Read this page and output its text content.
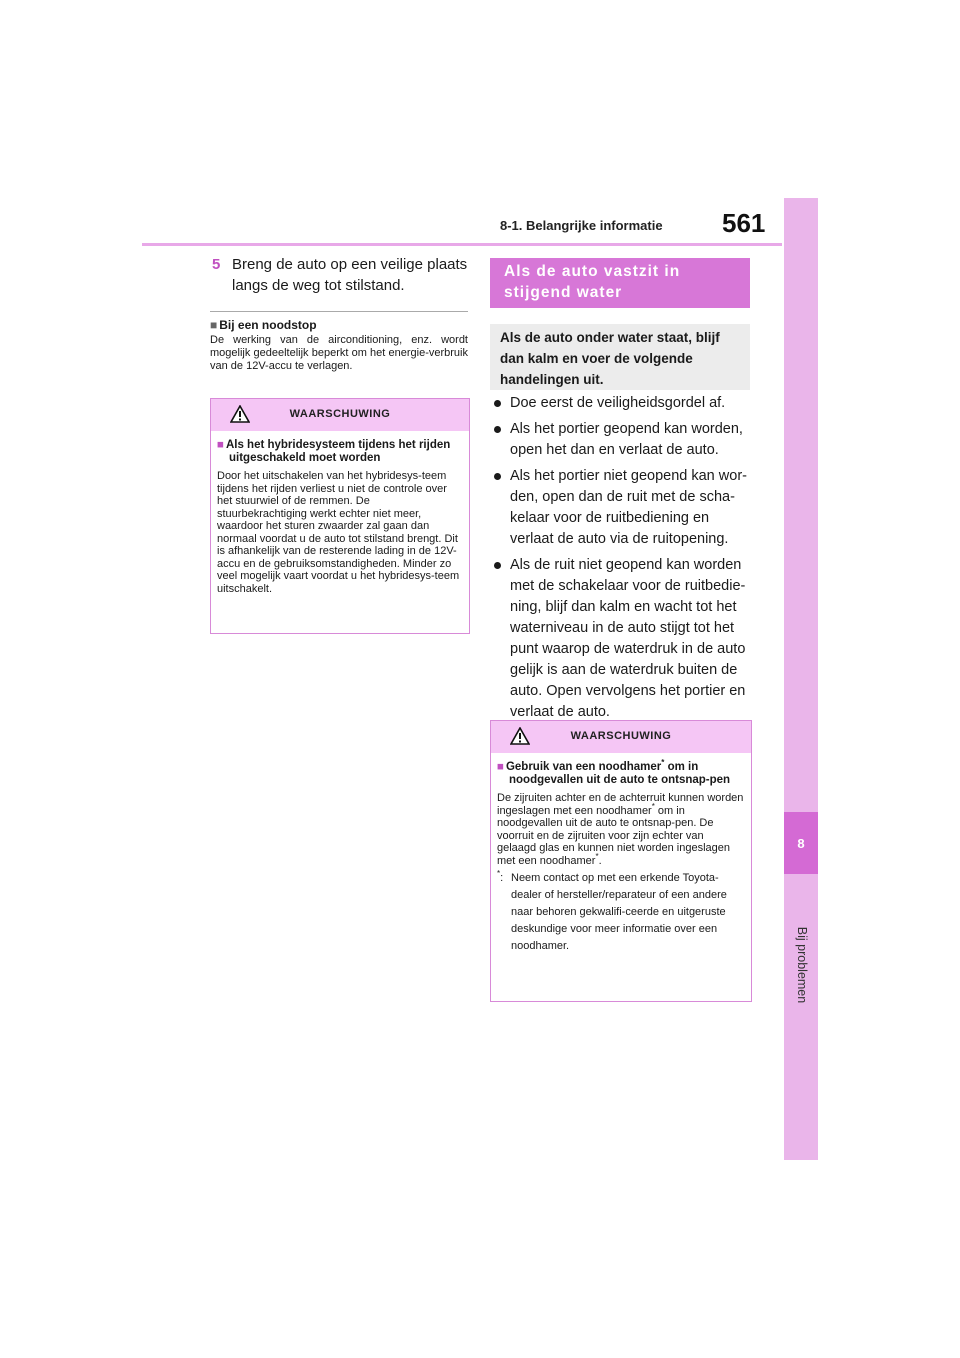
8-1. Belangrijke informatie 561
8
Bij problemen
5 Breng de auto op een veilige plaats langs de weg tot stilstand.
■ Bij een noodstop
De werking van de airconditioning, enz. wordt mogelijk gedeeltelijk beperkt om het energie-verbruik van de 12V-accu te verlagen.
WAARSCHUWING
■ Als het hybridesysteem tijdens het rijden uitgeschakeld moet worden
Door het uitschakelen van het hybridesys-teem tijdens het rijden verliest u niet de controle over het stuurwiel of de remmen. De stuurbekrachtiging werkt echter niet meer, waardoor het sturen zwaarder zal gaan dan normaal voordat u de auto tot stilstand brengt. Dit is afhankelijk van de resterende lading in de 12V-accu en de gebruiksomstandigheden. Minder zo veel mogelijk vaart voordat u het hybridesys-teem uitschakelt.
Als de auto vastzit in stijgend water
Als de auto onder water staat, blijf dan kalm en voer de volgende handelingen uit.
Doe eerst de veiligheidsgordel af.
Als het portier geopend kan worden, open het dan en verlaat de auto.
Als het portier niet geopend kan wor-den, open dan de ruit met de scha-kelaar voor de ruitbediening en verlaat de auto via de ruitopening.
Als de ruit niet geopend kan worden met de schakelaar voor de ruitbedie-ning, blijf dan kalm en wacht tot het waterniveau in de auto stijgt tot het punt waarop de waterdruk in de auto gelijk is aan de waterdruk buiten de auto. Open vervolgens het portier en verlaat de auto.
WAARSCHUWING
■ Gebruik van een noodhamer* om in noodgevallen uit de auto te ontsnap-pen
De zijruiten achter en de achterruit kunnen worden ingeslagen met een noodhamer* om in noodgevallen uit de auto te ontsnap-pen. De voorruit en de zijruiten voor zijn echter van gelaagd glas en kunnen niet worden ingeslagen met een noodhamer*.
*: Neem contact op met een erkende Toyota-dealer of hersteller/reparateur of een andere naar behoren gekwalifi-ceerde en uitgeruste deskundige voor meer informatie over een noodhamer.
